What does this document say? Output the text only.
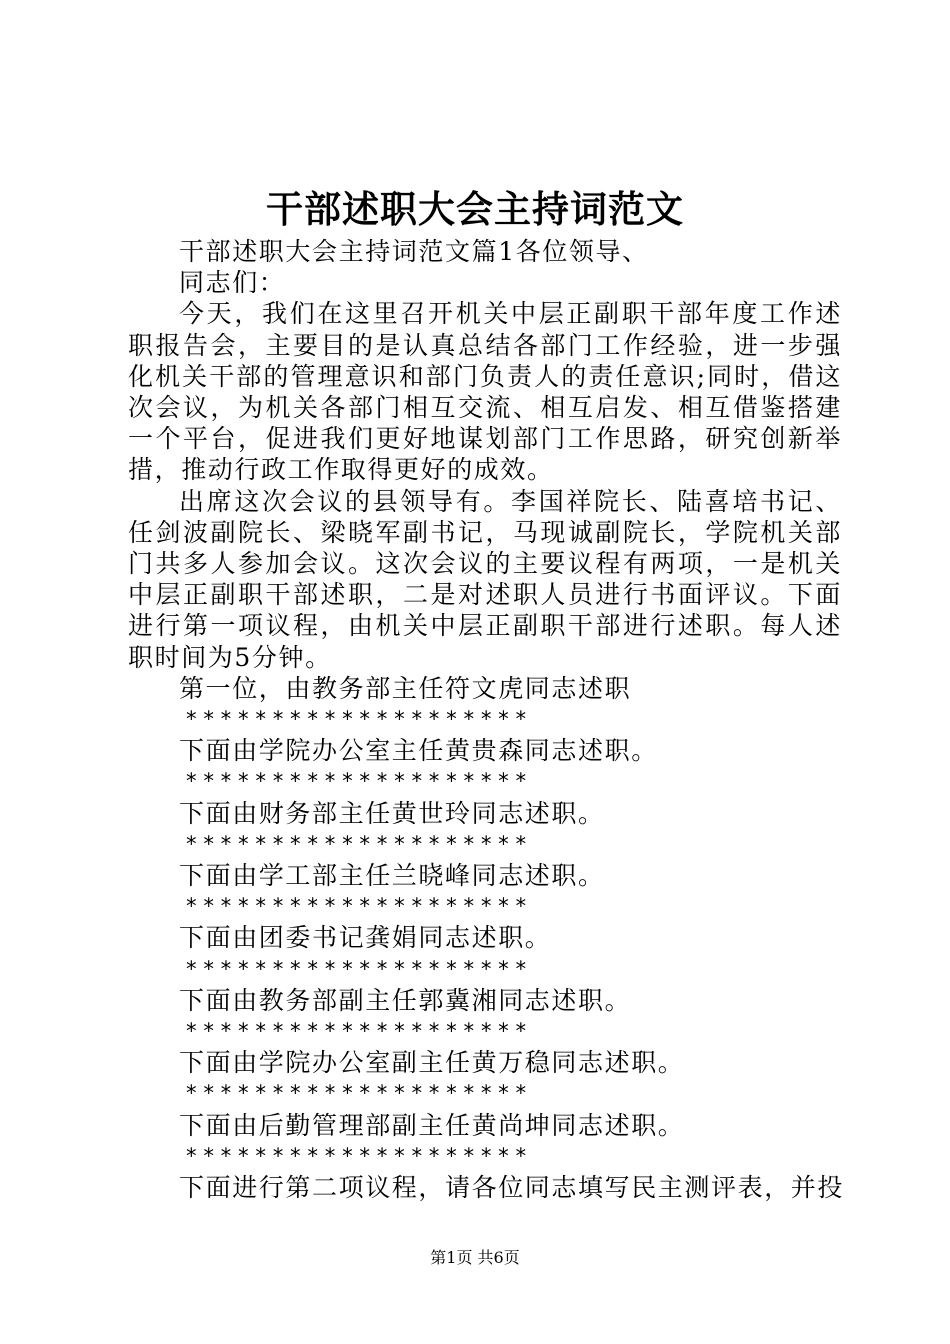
干部述职大会主持词范文

干部述职大会主持词范文篇1各位领导、

同志们：

今天，我们在这里召开机关中层正副职干部年度工作述职报告会，主要目的是认真总结各部门工作经验，进一步强化机关干部的管理意识和部门负责人的责任意识;同时，借这次会议，为机关各部门相互交流、相互启发、相互借鉴搭建一个平台，促进我们更好地谋划部门工作思路，研究创新举措，推动行政工作取得更好的成效。

出席这次会议的县领导有。李国祥院长、陆喜培书记、任剑波副院长、梁晓军副书记，马现诚副院长，学院机关部门共多人参加会议。这次会议的主要议程有两项，一是机关中层正副职干部述职，二是对述职人员进行书面评议。下面进行第一项议程，由机关中层正副职干部进行述职。每人述职时间为5分钟。

第一位，由教务部主任符文虎同志述职

********************

下面由学院办公室主任黄贵森同志述职。

********************

下面由财务部主任黄世玲同志述职。

********************

下面由学工部主任兰晓峰同志述职。

********************

下面由团委书记龚娟同志述职。

********************

下面由教务部副主任郭冀湘同志述职。

********************

下面由学院办公室副主任黄万稳同志述职。

********************

下面由后勤管理部副主任黄尚坤同志述职。

********************

下面进行第二项议程，请各位同志填写民主测评表，并投

第1页 共6页
